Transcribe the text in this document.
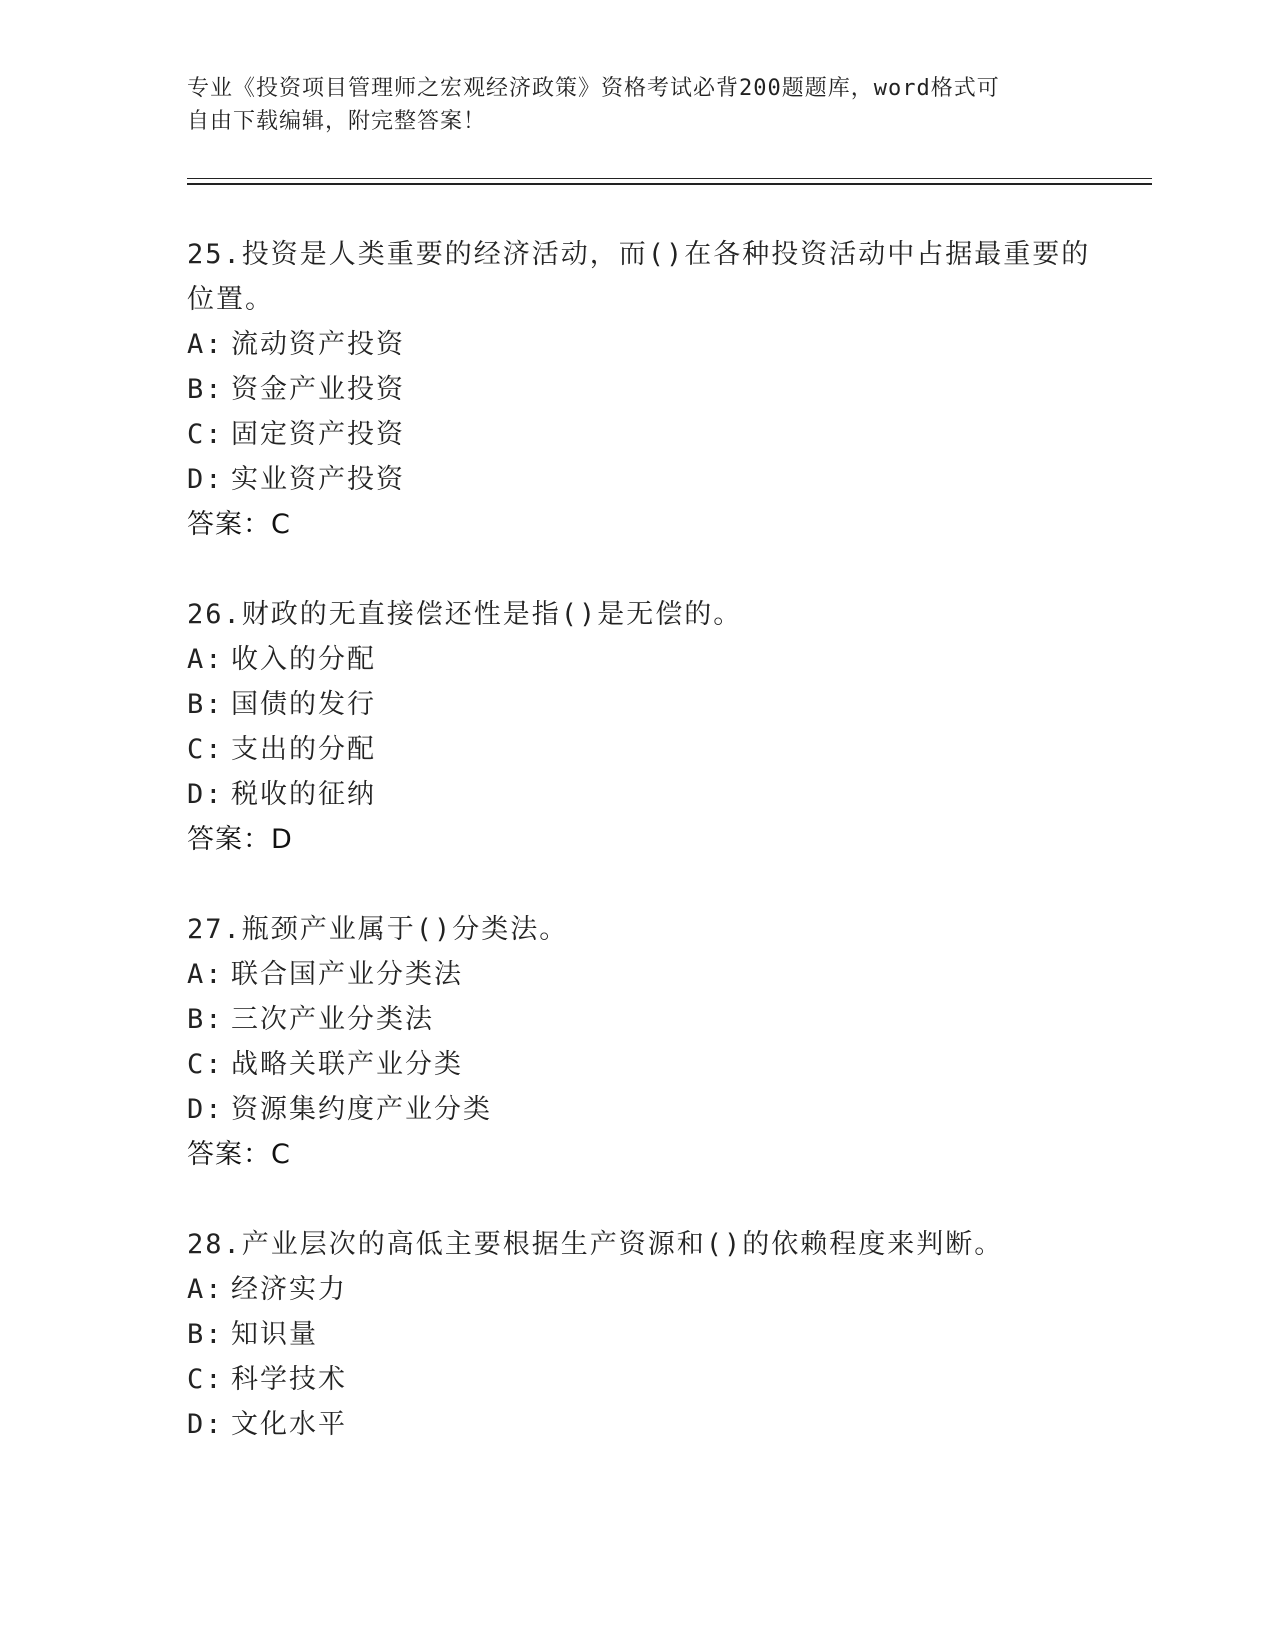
专业《投资项目管理师之宏观经济政策》资格考试必背200题题库，word格式可
自由下载编辑，附完整答案！
25.投资是人类重要的经济活动，而()在各种投资活动中占据最重要的
位置。
A: 流动资产投资
B: 资金产业投资
C: 固定资产投资
D: 实业资产投资
答案：C
26.财政的无直接偿还性是指()是无偿的。
A: 收入的分配
B: 国债的发行
C: 支出的分配
D: 税收的征纳
答案：D
27.瓶颈产业属于()分类法。
A: 联合国产业分类法
B: 三次产业分类法
C: 战略关联产业分类
D: 资源集约度产业分类
答案：C
28.产业层次的高低主要根据生产资源和()的依赖程度来判断。
A: 经济实力
B: 知识量
C: 科学技术
D: 文化水平
